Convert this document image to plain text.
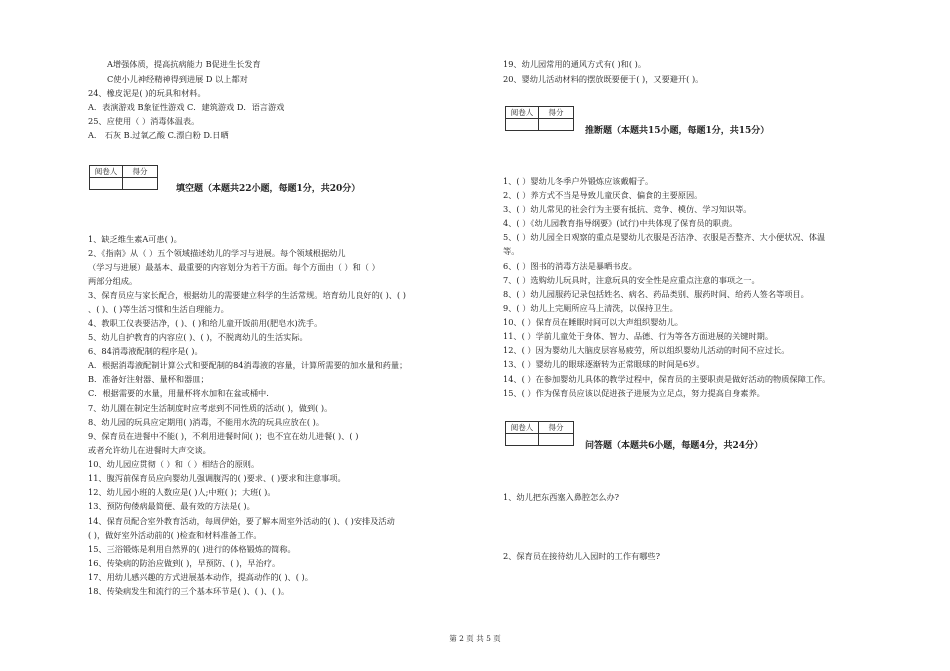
A增强体质，提高抗病能力 B促进生长发育
C使小儿神经精神得到进展 D 以上都对
24、橡皮泥是( )的玩具和材料。
A．表演游戏 B象征性游戏 C．建筑游戏 D．语言游戏
25、应使用（ ）消毒体温表。
A． 石灰 B.过氧乙酸 C.漂白粉 D.日晒
阅卷人	得分

填空题（本题共22小题，每题1分，共20分）
1、缺乏维生素A可患( )。
2、《指南》从（ ）五个领域描述幼儿的学习与进展。每个领域根据幼儿
（学习与进展）最基本、最重要的内容划分为若干方面。每个方面由（ ）和（ ）
两部分组成。
3、保育员应与家长配合，根据幼儿的需要建立科学的生活常规。培育幼儿良好的( )、( )
、( )、( )等生活习惯和生活自理能力。
4、教职工仪表要洁净，( )、( )和给儿童开饭前用(肥皂水)洗手。
5、幼儿自护教育的内容应( )、( )，不脱离幼儿的生活实际。
6、84消毒液配制的程序是( )。
A．根据消毒液配制计算公式和要配制的84消毒液的容量，计算所需要的加水量和药量；
B．准备好注射器、量杯和器皿；
C．根据需要的水量，用量杯将水加和在盆或桶中.
7、幼儿園在制定生活制度时应考虑到不同性质的活动( )，做到( )。
8、幼儿园的玩具应定期用( )消毒，不能用水洗的玩具应放在( )。
9、保育员在进餐中不能( )，不利用进餐时间( )；也不宜在幼儿进餐( )、( )
或者允许幼儿在进餐时大声交谈。
10、幼儿园应贯彻（ ）和（ ）相结合的原则。
11、腹泻前保育员应向婴幼儿强调腹泻的( )要求、( )要求和注意事项。
12、幼儿园小班的人数应是( )人;中班( )；大班( )。
13、预防佝偻病最简便、最有效的方法是( )。
14、保育员配合室外教育活动，每周伊始，要了解本周室外活动的( )、( )安排及活动
( )，做好室外活动前的( )检查和材料准备工作。
15、三浴锻炼是利用自然界的( )进行的体格锻炼的简称。
16、传染病的防治应做到( )，早预防、( )，早治疗。
17、用幼儿感兴趣的方式进展基本动作，提高动作的( )、( )。
18、传染病发生和流行的三个基本环节是( )、( )、( )。
19、幼儿园常用的通风方式有( )和( )。
20、婴幼儿活动材料的摆放既要便于( )，又要避开( )。
阅卷人	得分

推断题（本题共15小题，每题1分，共15分）
1、( ）婴幼儿冬季户外锻炼应该戴帽子。
2、( ）养方式不当是导致儿童厌食、偏食的主要原因。
3、( ）幼儿常见的社会行为主要有抵抗、竞争、模仿、学习知识等。
4、( ）《幼儿园教育指导纲要》(试行)中共体现了保育员的职责。
5、( ）幼儿园全日观察的重点是婴幼儿衣服是否洁净、衣服是否整齐、大小便状况、体温
等。
6、( ）图书的消毒方法是暴晒书皮。
7、( ）选购幼儿玩具时，注意玩具的安全性是应重点注意的事项之一。
8、( ）幼儿园服药记录包括姓名、病名、药品类别、服药时间、给药人签名等项目。
9、( ）幼儿上完厕所应马上清洗，以保持卫生。
10、( ）保育员在睡眠时间可以大声组织婴幼儿。
11、( ）学前儿童处于身体、智力、品德、行为等各方面进展的关键时期。
12、( ）因为婴幼儿大脑皮层容易疲劳，所以组织婴幼儿活动的时间不应过长。
13、( ）婴幼儿的眼球逐渐转为正常眼球的时间是6岁。
14、( ）在参加婴幼儿具体的教学过程中，保育员的主要职责是做好活动的物质保障工作。
15、( ）作为保育员应该以促进孩子进展为立足点，努力提高自身素养。
阅卷人	得分

问答题（本题共6小题，每题4分，共24分）
1、幼儿把东西塞入鼻腔怎么办?
2、保育员在接待幼儿入园时的工作有哪些?
第 2 页 共 5 页
